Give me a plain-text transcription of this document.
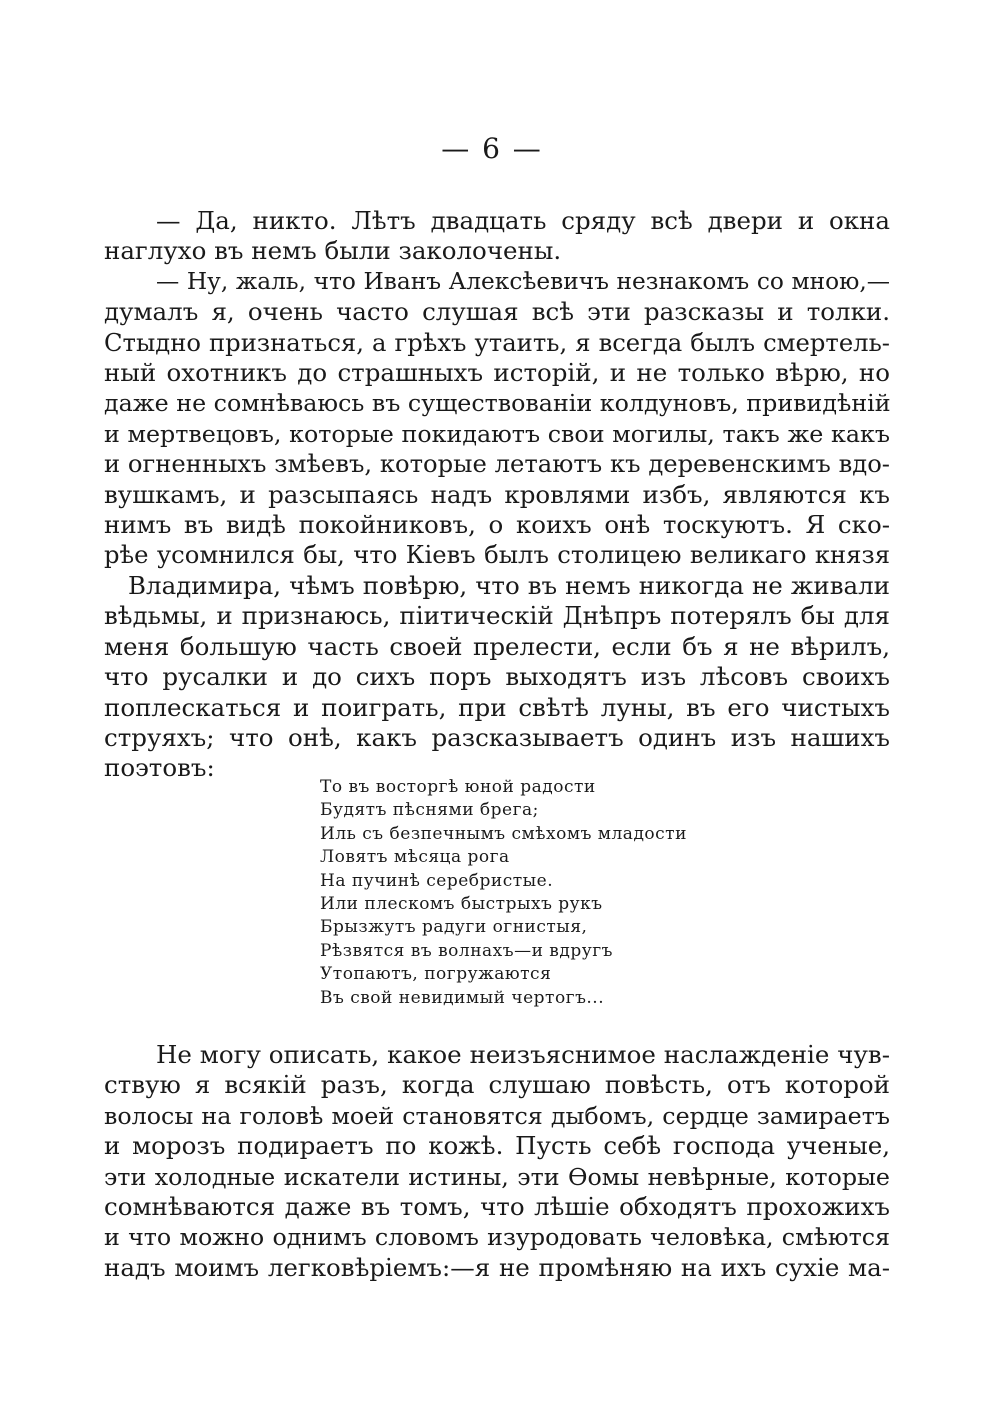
— 6 —
— Да, никто. Лѣтъ двадцать сряду всѣ двери и окна
наглухо въ немъ были заколочены.
— Ну, жаль, что Иванъ Алексѣевичъ незнакомъ со мною,—
думалъ я, очень часто слушая всѣ эти разсказы и толки.
Стыдно признаться, а грѣхъ утаить, я всегда былъ смертель-
ный охотникъ до страшныхъ исторій, и не только вѣрю, но
даже не сомнѣваюсь въ существованіи колдуновъ, привидѣній
и мертвецовъ, которые покидаютъ свои могилы, такъ же какъ
и огненныхъ змѣевъ, которые летаютъ къ деревенскимъ вдо-
вушкамъ, и разсыпаясь надъ кровлями избъ, являются къ
нимъ въ видѣ покойниковъ, о коихъ онѣ тоскуютъ. Я ско-
рѣе усомнился бы, что Кіевъ былъ столицею великаго князя
Владимира, чѣмъ повѣрю, что въ немъ никогда не живали
вѣдьмы, и признаюсь, піитическій Днѣпръ потерялъ бы для
меня большую часть своей прелести, если бъ я не вѣрилъ,
что русалки и до сихъ поръ выходятъ изъ лѣсовъ своихъ
поплескаться и поиграть, при свѣтѣ луны, въ его чистыхъ
струяхъ; что онѣ, какъ разсказываетъ одинъ изъ нашихъ
поэтовъ:
То въ восторгѣ юной радости
Будятъ пѣснями брега;
Иль съ безпечнымъ смѣхомъ младости
Ловятъ мѣсяца рога
На пучинѣ серебристые.
Или плескомъ быстрыхъ рукъ
Брызжутъ радуги огнистыя,
Рѣзвятся въ волнахъ—и вдругъ
Утопаютъ, погружаются
Въ свой невидимый чертогъ...
Не могу описать, какое неизъяснимое наслажденіе чув-
ствую я всякій разъ, когда слушаю повѣсть, отъ которой
волосы на головѣ моей становятся дыбомъ, сердце замираетъ
и морозъ подираетъ по кожѣ. Пусть себѣ господа ученые,
эти холодные искатели истины, эти Ѳомы невѣрные, которые
сомнѣваются даже въ томъ, что лѣшіе обходятъ прохожихъ
и что можно однимъ словомъ изуродовать человѣка, смѣются
надъ моимъ легковѣріемъ:—я не промѣняю на ихъ сухіе ма-
